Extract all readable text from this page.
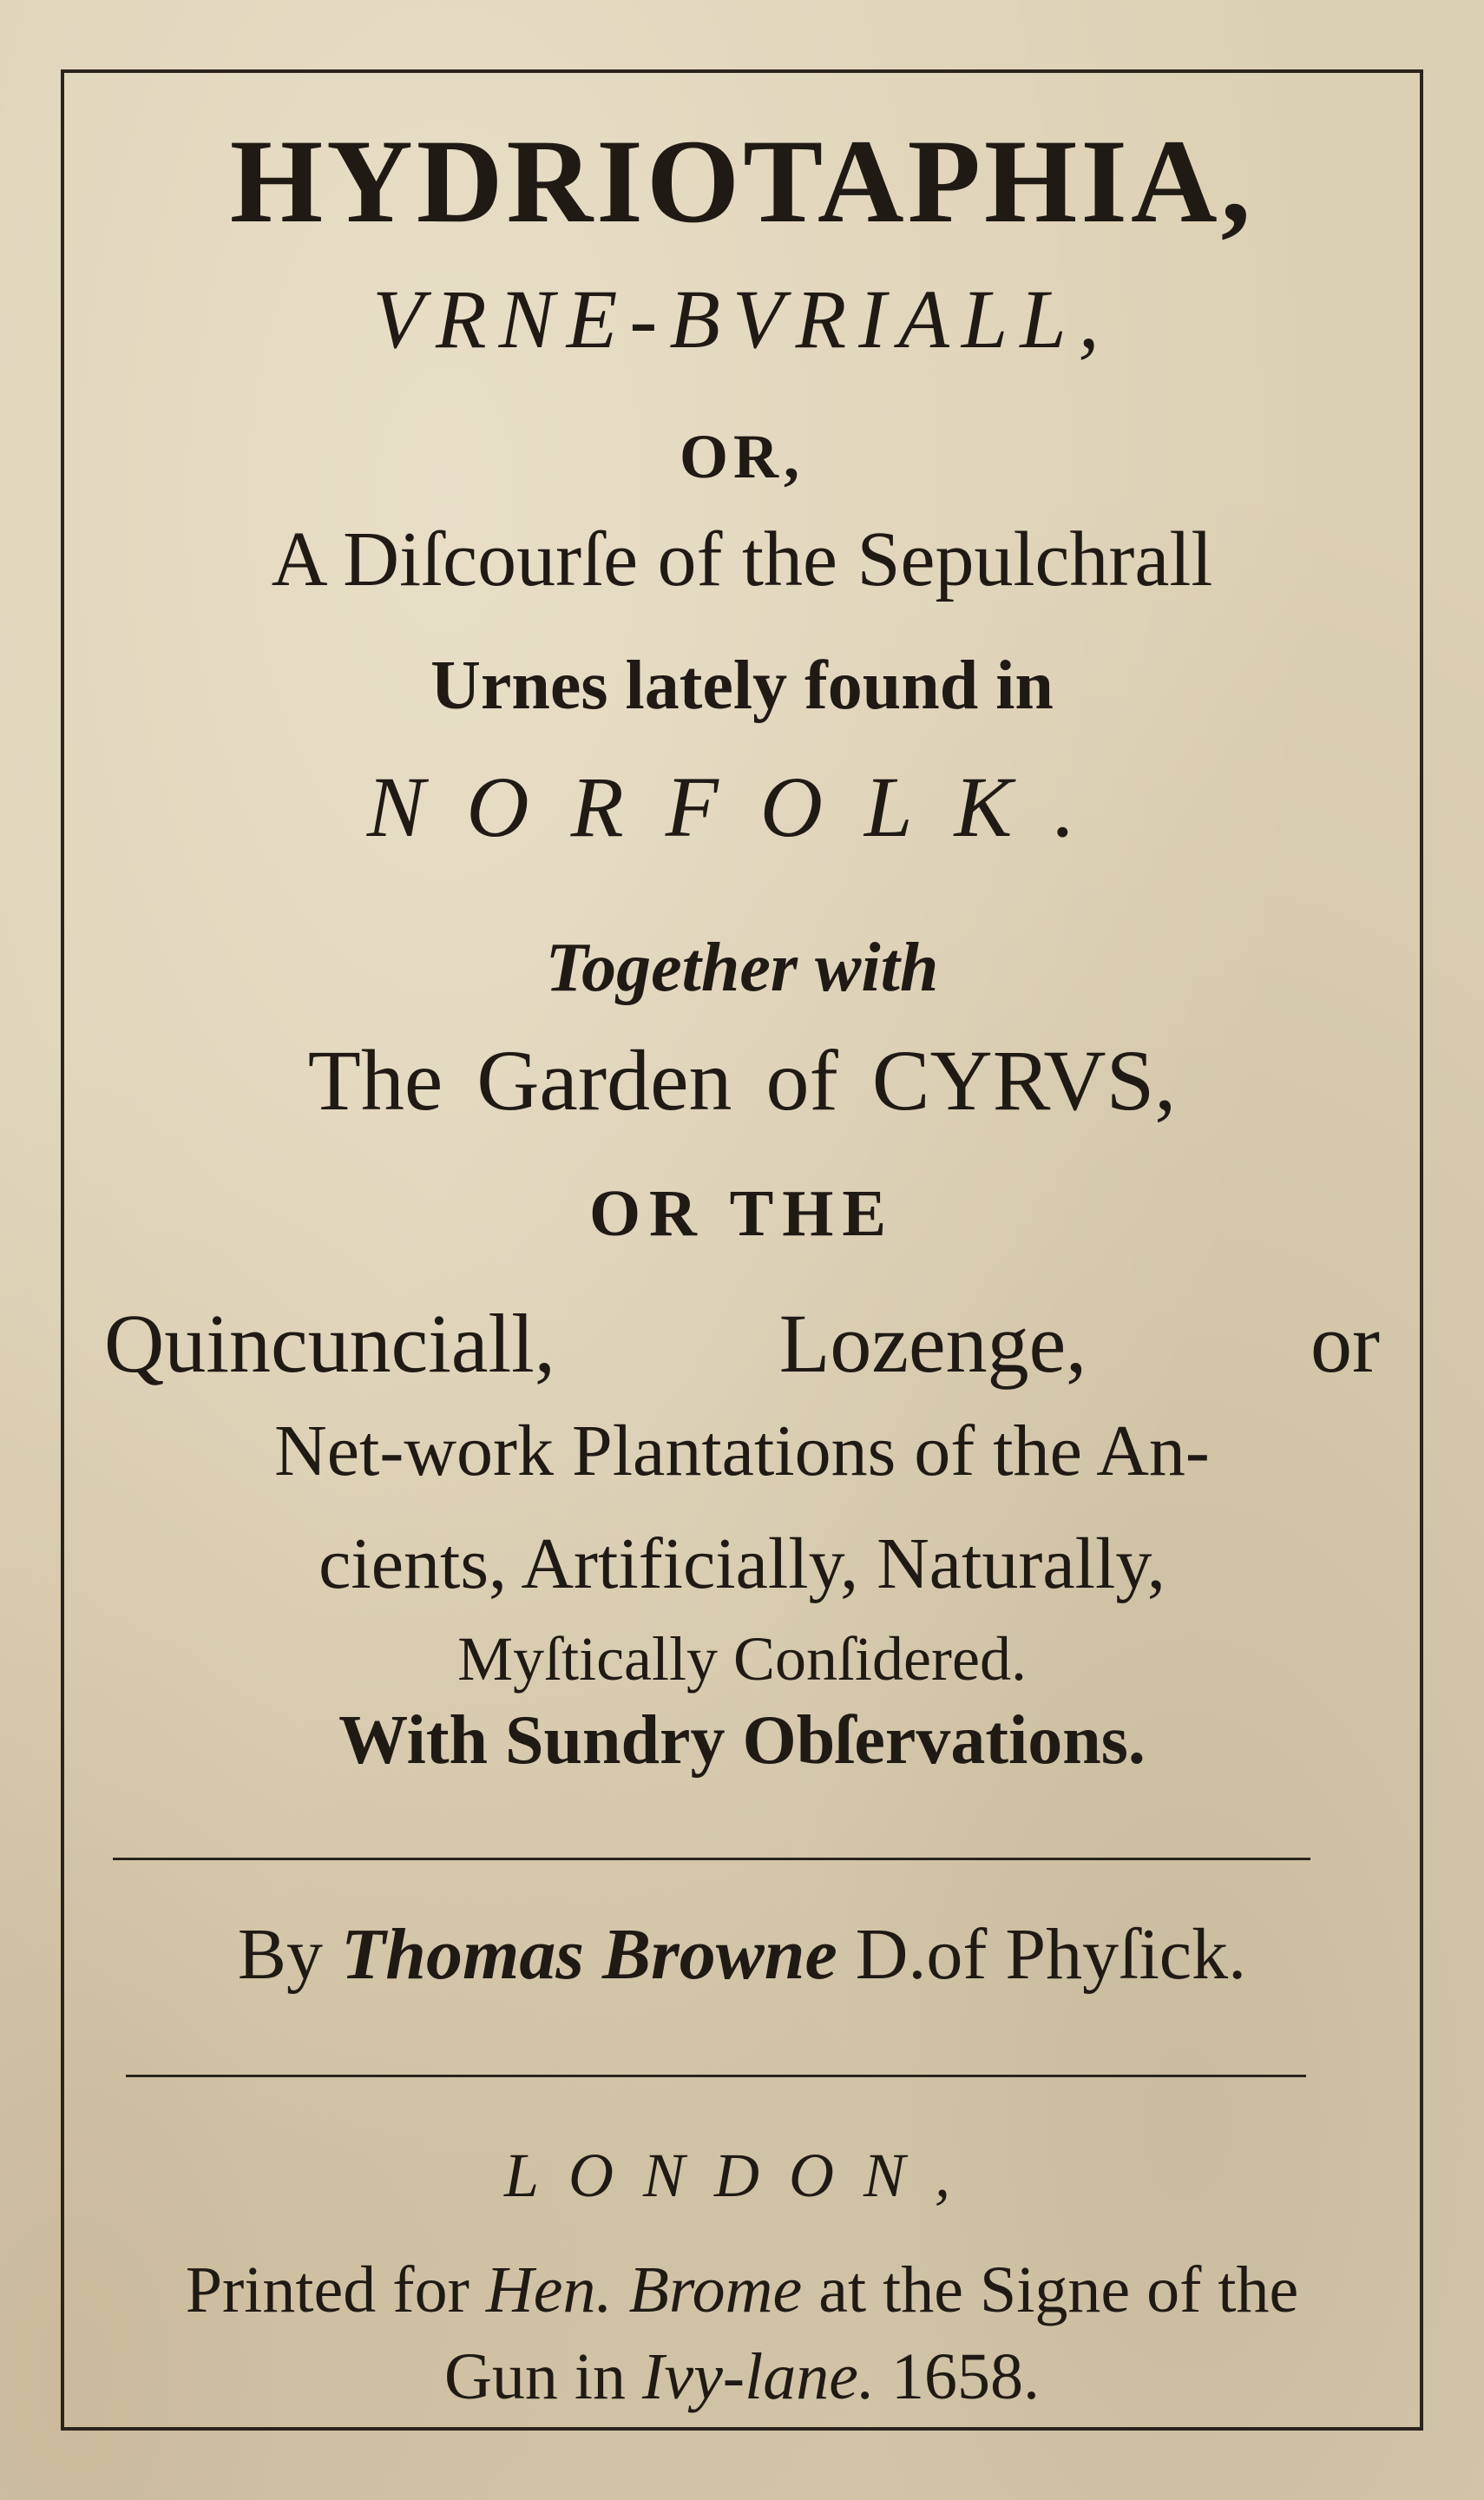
HYDRIOTAPHIA,
VRNE-BVRIALL,
OR,
A Diſcourſe of the Sepulchrall
Urnes lately found in
NORFOLK.
Together with
The Garden of CYRVS,
OR THE
Quincunciall,	Lozenge,	or
Net-work Plantations of the An-
cients, Artificially, Naturally,
Myſtically Conſidered.
With Sundry Obſervations.
By Thomas Browne D.of Phyſick.
LONDON,
Printed for Hen. Brome at the Signe of the
Gun in Ivy-lane. 1658.
